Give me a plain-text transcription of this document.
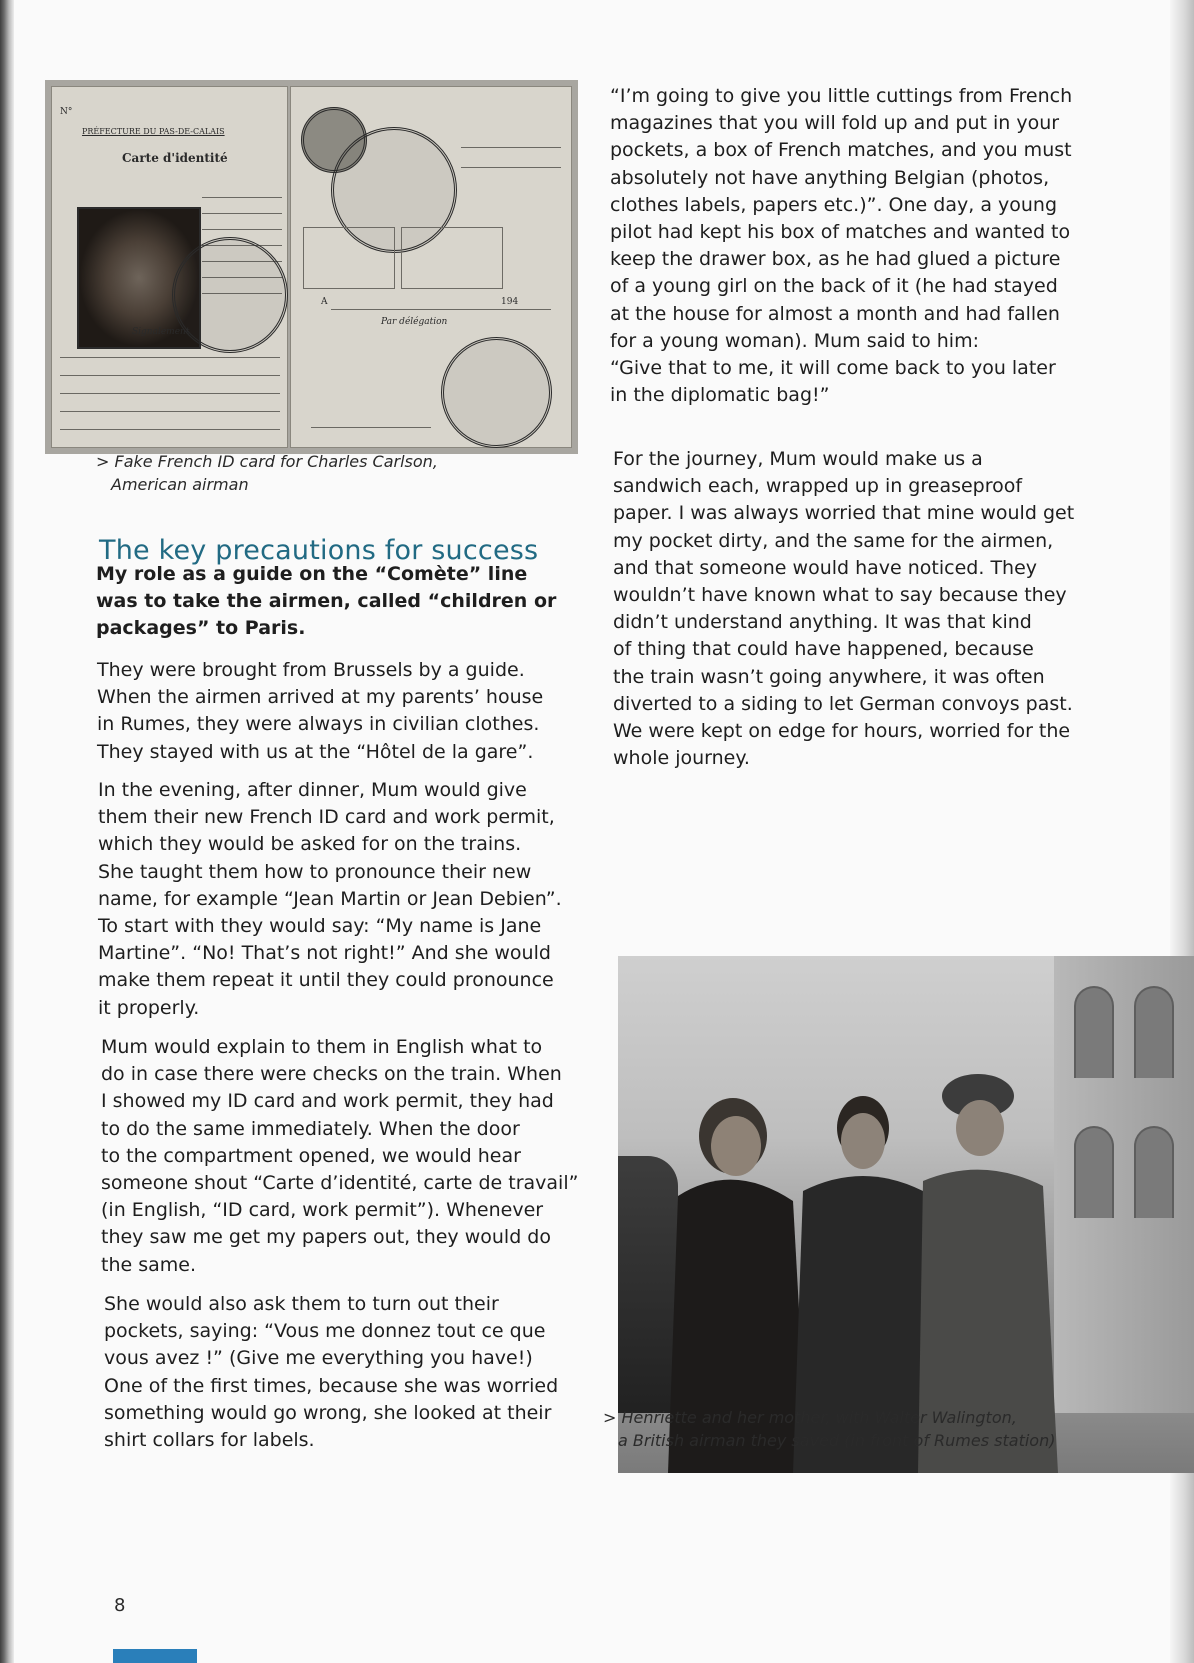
N°
PRÉFECTURE DU PAS-DE-CALAIS
Carte d'identité
Signalement
A	194
Par délégation
> Fake French ID card for Charles Carlson,
American airman
The key precautions for success
My role as a guide on the “Comète” line
was to take the airmen, called “children or
packages” to Paris.
They were brought from Brussels by a guide.
When the airmen arrived at my parents’ house
in Rumes, they were always in civilian clothes.
They stayed with us at the “Hôtel de la gare”.
In the evening, after dinner, Mum would give
them their new French ID card and work permit,
which they would be asked for on the trains.
She taught them how to pronounce their new
name, for example “Jean Martin or Jean Debien”.
To start with they would say: “My name is Jane
Martine”. “No! That’s not right!” And she would
make them repeat it until they could pronounce
it properly.
Mum would explain to them in English what to
do in case there were checks on the train. When
I showed my ID card and work permit, they had
to do the same immediately. When the door
to the compartment opened, we would hear
someone shout “Carte d’identité, carte de travail”
(in English, “ID card, work permit”). Whenever
they saw me get my papers out, they would do
the same.
She would also ask them to turn out their
pockets, saying: “Vous me donnez tout ce que
vous avez !” (Give me everything you have!)
One of the first times, because she was worried
something would go wrong, she looked at their
shirt collars for labels.
“I’m going to give you little cuttings from French
magazines that you will fold up and put in your
pockets, a box of French matches, and you must
absolutely not have anything Belgian (photos,
clothes labels, papers etc.)”. One day, a young
pilot had kept his box of matches and wanted to
keep the drawer box, as he had glued a picture
of a young girl on the back of it (he had stayed
at the house for almost a month and had fallen
for a young woman). Mum said to him:
“Give that to me, it will come back to you later
in the diplomatic bag!”
For the journey, Mum would make us a
sandwich each, wrapped up in greaseproof
paper. I was always worried that mine would get
my pocket dirty, and the same for the airmen,
and that someone would have noticed. They
wouldn’t have known what to say because they
didn’t understand anything. It was that kind
of thing that could have happened, because
the train wasn’t going anywhere, it was often
diverted to a siding to let German convoys past.
We were kept on edge for hours, worried for the
whole journey.
> Henriette and her mother, with Walter Walington,
a British airman they saved (in front of Rumes station)
8
